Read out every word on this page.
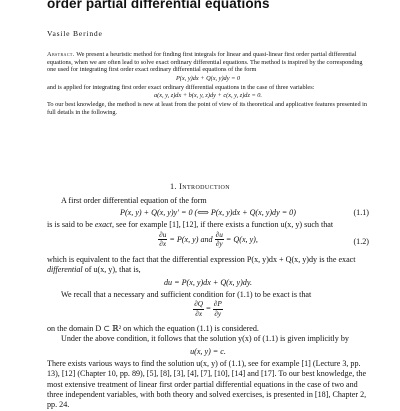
order partial differential equations
Vasile Berinde

Abstract. We present a heuristic method for finding first integrals for linear and quasi-linear first order partial differential equations, when we are often lead to solve exact ordinary differential equations. The method is inspired by the corresponding one used for integrating first order exact ordinary differential equations of the form

P(x, y)dx + Q(x, y)dy = 0

and is applied for integrating first order exact ordinary differential equations in the case of three variables:

a(x, y, z)dx + b(x, y, z)dy + c(x, y, z)dz = 0.

To our best knowledge, the method is new at least from the point of view of its theoretical and applicative features presented in full details in the following.

1. Introduction

A first order differential equation of the form

P(x, y) + Q(x, y)y′ = 0 (⟺ P(x, y)dx + Q(x, y)dy = 0)	(1.1)

is is said to be exact, see for example [1], [12], if there exists a function u(x, y) such that

$\frac{\partial u}{\partial x} = P(x$, y) and $\frac{\partial u}{\partial y} = Q(x$, y),	(1.2)

which is equivalent to the fact that the differential expression P(x, y)dx + Q(x, y)dy is the exact differential of u(x, y), that is,

du = P(x, y)dx + Q(x, y)dy.

We recall that a necessary and sufficient condition for (1.1) to be exact is that

$\frac{\partial Q}{\partial x} = \frac{\partial P}{\partial y}$

on the domain D ⊂ ℝ² on which the equation (1.1) is considered.

Under the above condition, it follows that the solution y(x) of (1.1) is given implicitly by

u(x, y) = c.

There exists various ways to find the solution u(x, y) of (1.1), see for example [1] (Lecture 3, pp. 13), [12] (Chapter 10, pp. 89), [5], [8], [3], [4], [7], [10], [14] and [17]. To our best knowledge, the most extensive treatment of linear first order partial differential equations in the case of two and three independent variables, with both theory and solved exercises, is presented in [18], Chapter 2, pp. 24.
